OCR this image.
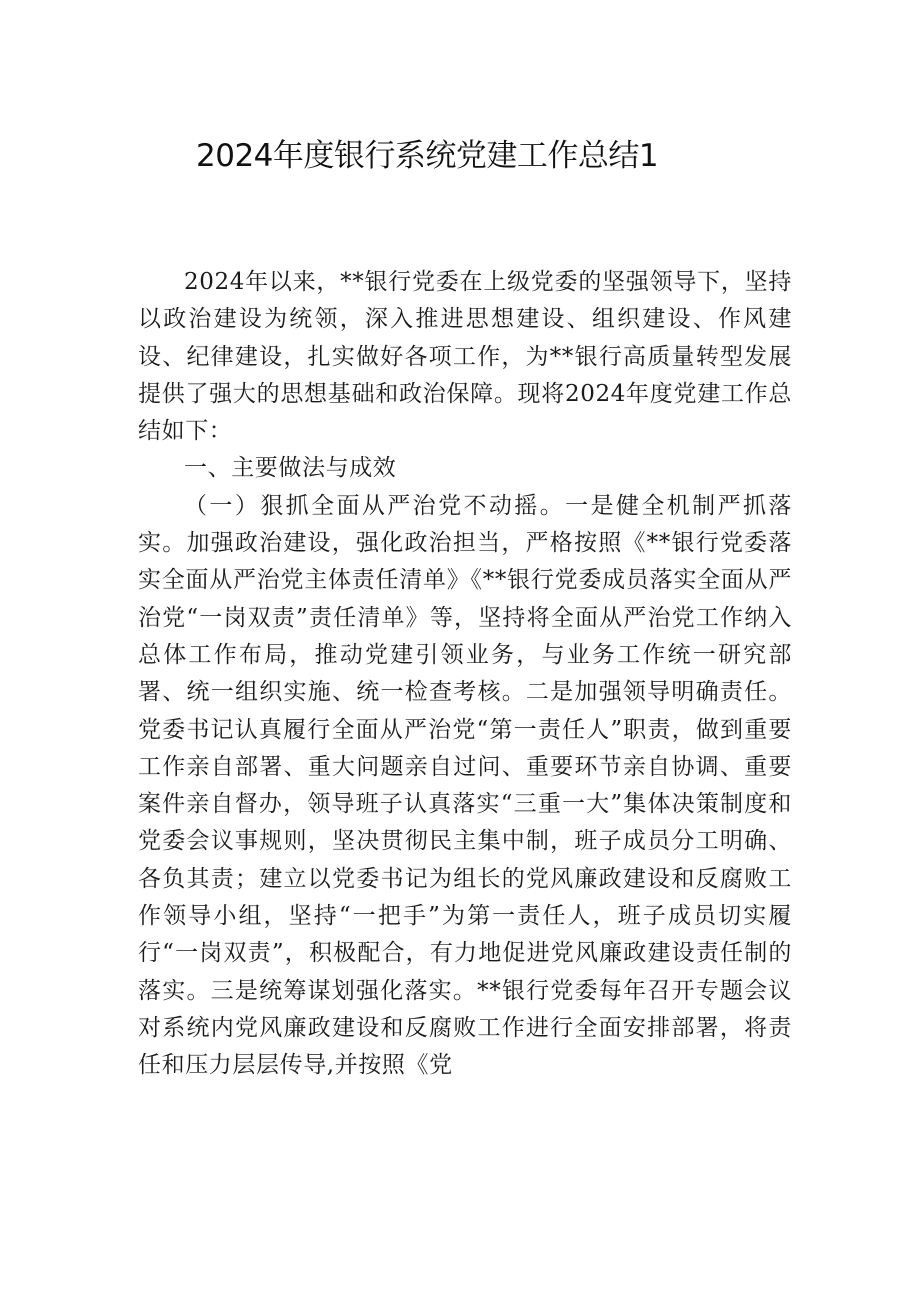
2024年度银行系统党建工作总结1

2024年以来，**银行党委在上级党委的坚强领导下，坚持以政治建设为统领，深入推进思想建设、组织建设、作风建设、纪律建设，扎实做好各项工作，为**银行高质量转型发展提供了强大的思想基础和政治保障。现将2024年度党建工作总结如下：

一、主要做法与成效

（一）狠抓全面从严治党不动摇。一是健全机制严抓落实。加强政治建设，强化政治担当，严格按照《**银行党委落实全面从严治党主体责任清单》《**银行党委成员落实全面从严治党“一岗双责”责任清单》等，坚持将全面从严治党工作纳入总体工作布局，推动党建引领业务，与业务工作统一研究部署、统一组织实施、统一检查考核。二是加强领导明确责任。党委书记认真履行全面从严治党“第一责任人”职责，做到重要工作亲自部署、重大问题亲自过问、重要环节亲自协调、重要案件亲自督办，领导班子认真落实“三重一大”集体决策制度和党委会议事规则，坚决贯彻民主集中制，班子成员分工明确、各负其责；建立以党委书记为组长的党风廉政建设和反腐败工作领导小组，坚持“一把手”为第一责任人，班子成员切实履行“一岗双责”，积极配合，有力地促进党风廉政建设责任制的落实。三是统筹谋划强化落实。**银行党委每年召开专题会议对系统内党风廉政建设和反腐败工作进行全面安排部署，将责任和压力层层传导,并按照《党
